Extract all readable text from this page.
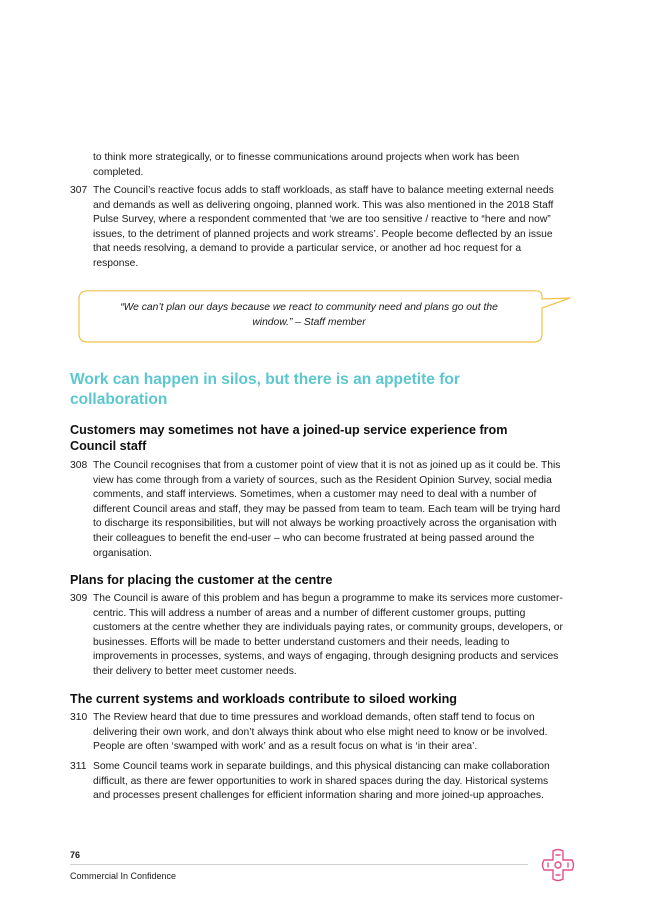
to think more strategically, or to finesse communications around projects when work has been completed.

307 The Council’s reactive focus adds to staff workloads, as staff have to balance meeting external needs and demands as well as delivering ongoing, planned work. This was also mentioned in the 2018 Staff Pulse Survey, where a respondent commented that ‘we are too sensitive / reactive to “here and now” issues, to the detriment of planned projects and work streams’. People become deflected by an issue that needs resolving, a demand to provide a particular service, or another ad hoc request for a response.
“We can’t plan our days because we react to community need and plans go out the window.” – Staff member
Work can happen in silos, but there is an appetite for collaboration
Customers may sometimes not have a joined-up service experience from Council staff
308 The Council recognises that from a customer point of view that it is not as joined up as it could be. This view has come through from a variety of sources, such as the Resident Opinion Survey, social media comments, and staff interviews. Sometimes, when a customer may need to deal with a number of different Council areas and staff, they may be passed from team to team. Each team will be trying hard to discharge its responsibilities, but will not always be working proactively across the organisation with their colleagues to benefit the end-user – who can become frustrated at being passed around the organisation.
Plans for placing the customer at the centre
309 The Council is aware of this problem and has begun a programme to make its services more customer-centric. This will address a number of areas and a number of different customer groups, putting customers at the centre whether they are individuals paying rates, or community groups, developers, or businesses. Efforts will be made to better understand customers and their needs, leading to improvements in processes, systems, and ways of engaging, through designing products and services their delivery to better meet customer needs.
The current systems and workloads contribute to siloed working
310 The Review heard that due to time pressures and workload demands, often staff tend to focus on delivering their own work, and don’t always think about who else might need to know or be involved. People are often ‘swamped with work’ and as a result focus on what is ‘in their area’.
311 Some Council teams work in separate buildings, and this physical distancing can make collaboration difficult, as there are fewer opportunities to work in shared spaces during the day. Historical systems and processes present challenges for efficient information sharing and more joined-up approaches.
76
Commercial In Confidence
